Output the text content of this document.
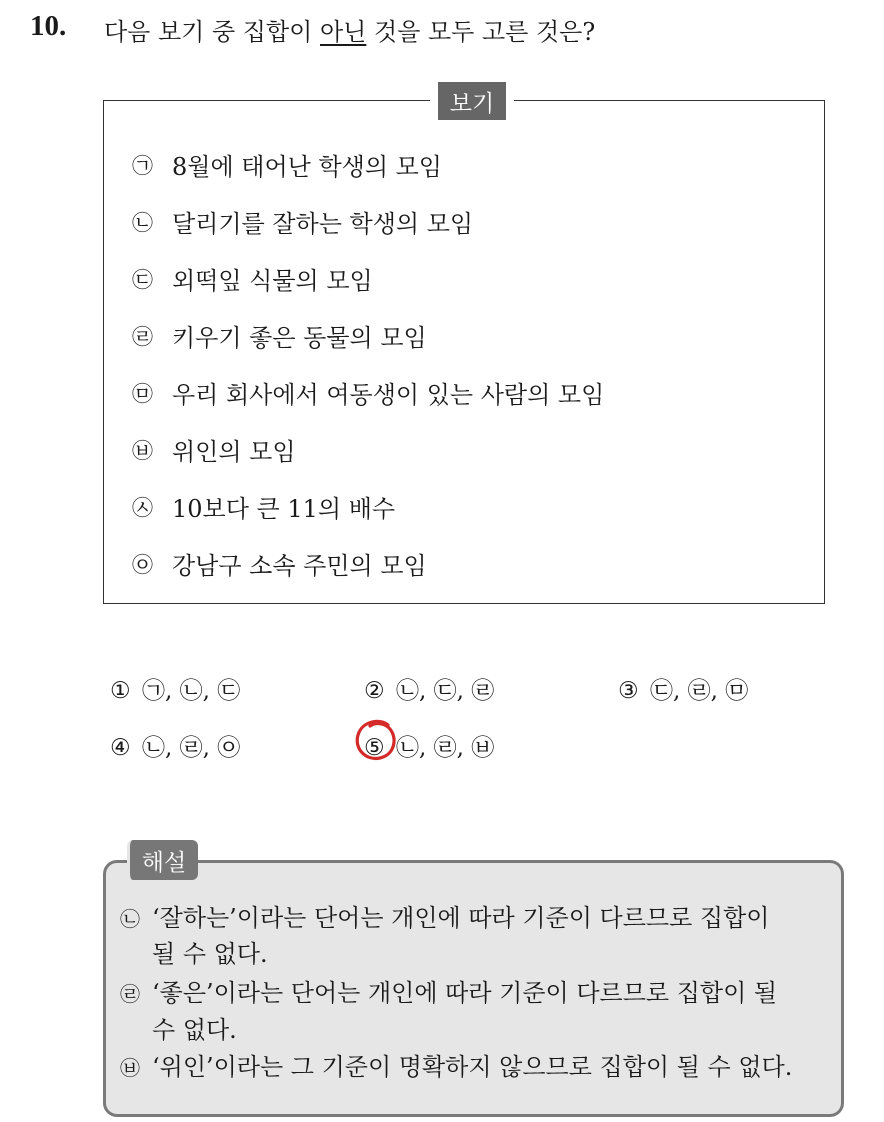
10. 다음 보기 중 집합이 아닌 것을 모두 고른 것은?
보기
㉠ 8월에 태어난 학생의 모임
㉡ 달리기를 잘하는 학생의 모임
㉢ 외떡잎 식물의 모임
㉣ 키우기 좋은 동물의 모임
㉤ 우리 회사에서 여동생이 있는 사람의 모임
㉥ 위인의 모임
㉦ 10보다 큰 11의 배수
㉧ 강남구 소속 주민의 모임
① ㉠, ㉡, ㉢	② ㉡, ㉢, ㉣	③ ㉢, ㉣, ㉤
④ ㉡, ㉣, ㉧	⑤ ㉡, ㉣, ㉥
해설
㉡ ‘잘하는’이라는 단어는 개인에 따라 기준이 다르므로 집합이
될 수 없다.
㉣ ‘좋은’이라는 단어는 개인에 따라 기준이 다르므로 집합이 될
수 없다.
㉥ ‘위인’이라는 그 기준이 명확하지 않으므로 집합이 될 수 없다.
